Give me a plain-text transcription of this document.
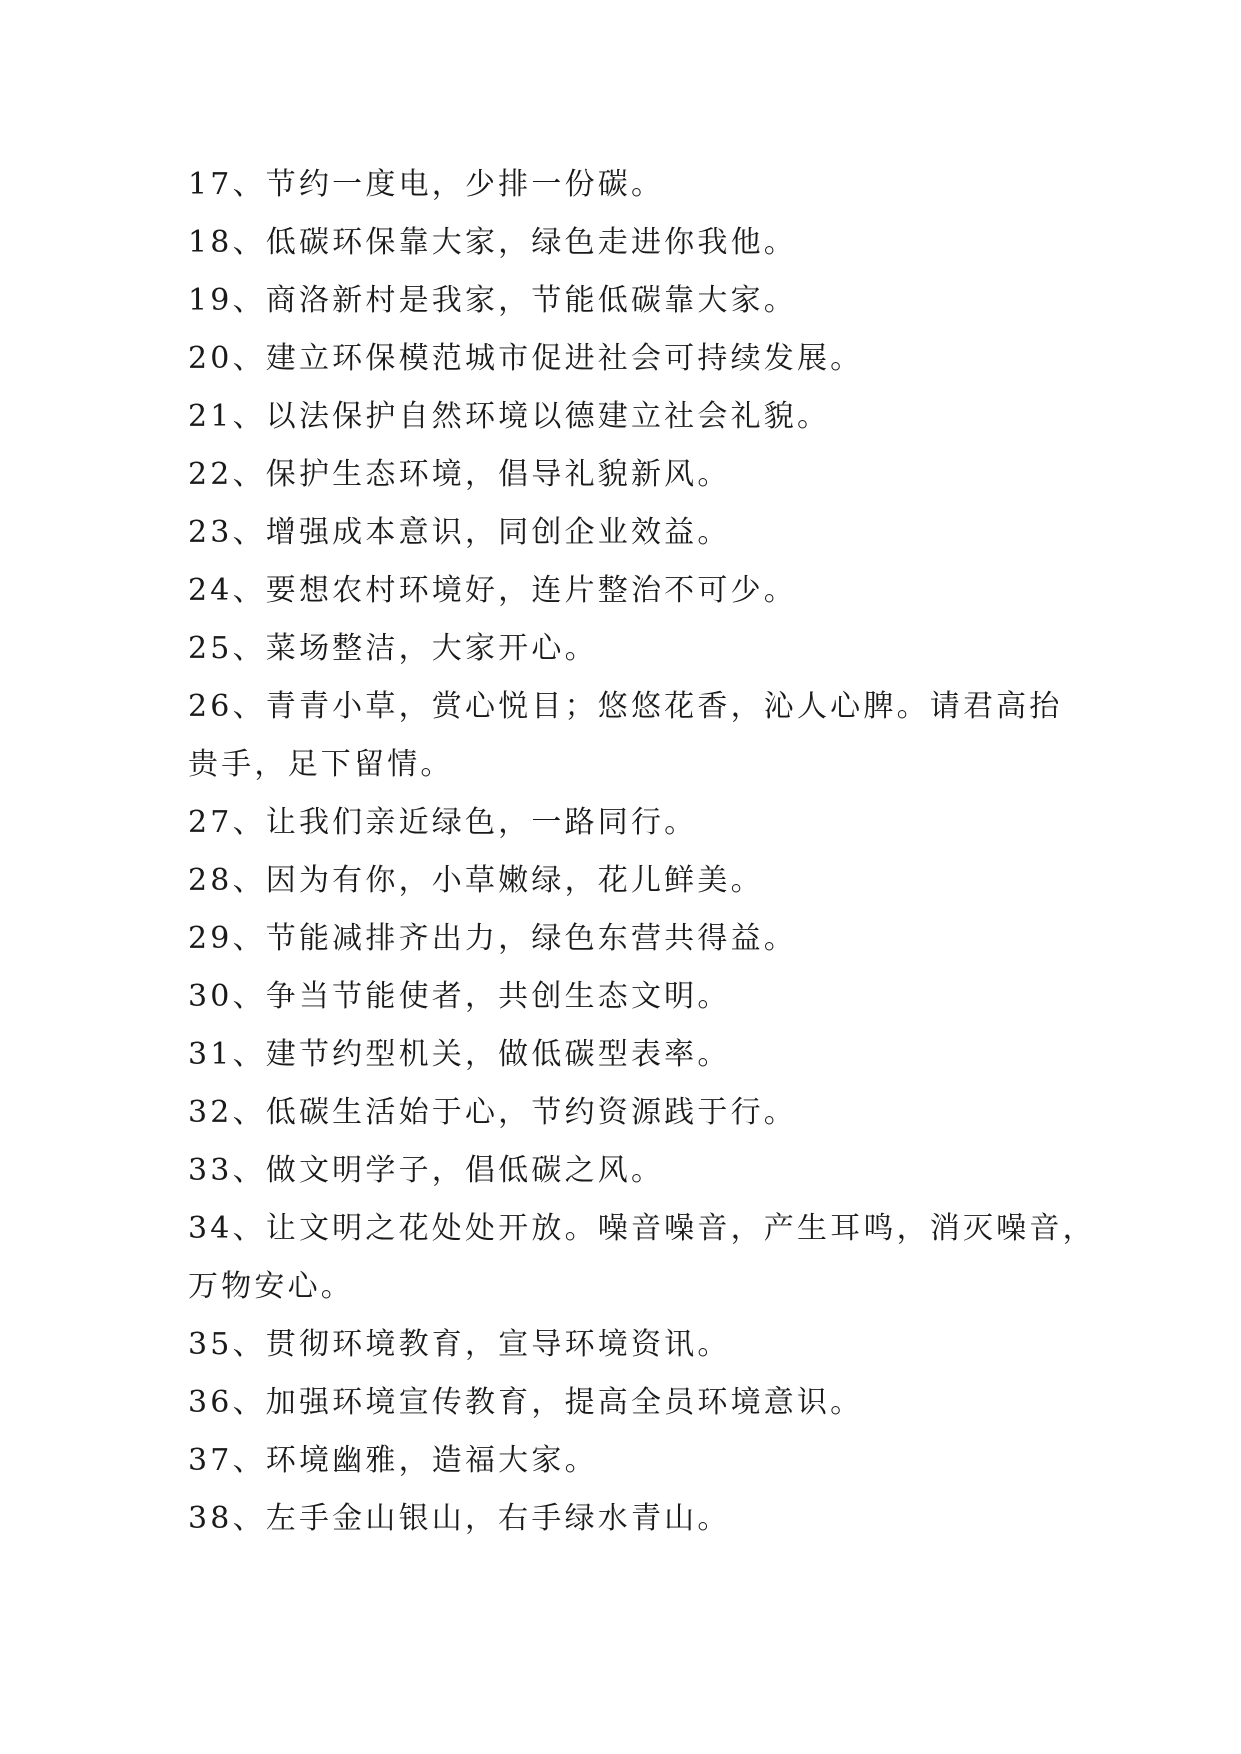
17、节约一度电，少排一份碳。

18、低碳环保靠大家，绿色走进你我他。

19、商洛新村是我家，节能低碳靠大家。

20、建立环保模范城市促进社会可持续发展。

21、以法保护自然环境以德建立社会礼貌。

22、保护生态环境，倡导礼貌新风。

23、增强成本意识，同创企业效益。

24、要想农村环境好，连片整治不可少。

25、菜场整洁，大家开心。

26、青青小草，赏心悦目；悠悠花香，沁人心脾。请君高抬

贵手，足下留情。

27、让我们亲近绿色，一路同行。

28、因为有你，小草嫩绿，花儿鲜美。

29、节能减排齐出力，绿色东营共得益。

30、争当节能使者，共创生态文明。

31、建节约型机关，做低碳型表率。

32、低碳生活始于心，节约资源践于行。

33、做文明学子，倡低碳之风。

34、让文明之花处处开放。噪音噪音，产生耳鸣，消灭噪音，

万物安心。

35、贯彻环境教育，宣导环境资讯。

36、加强环境宣传教育，提高全员环境意识。

37、环境幽雅，造福大家。

38、左手金山银山，右手绿水青山。
